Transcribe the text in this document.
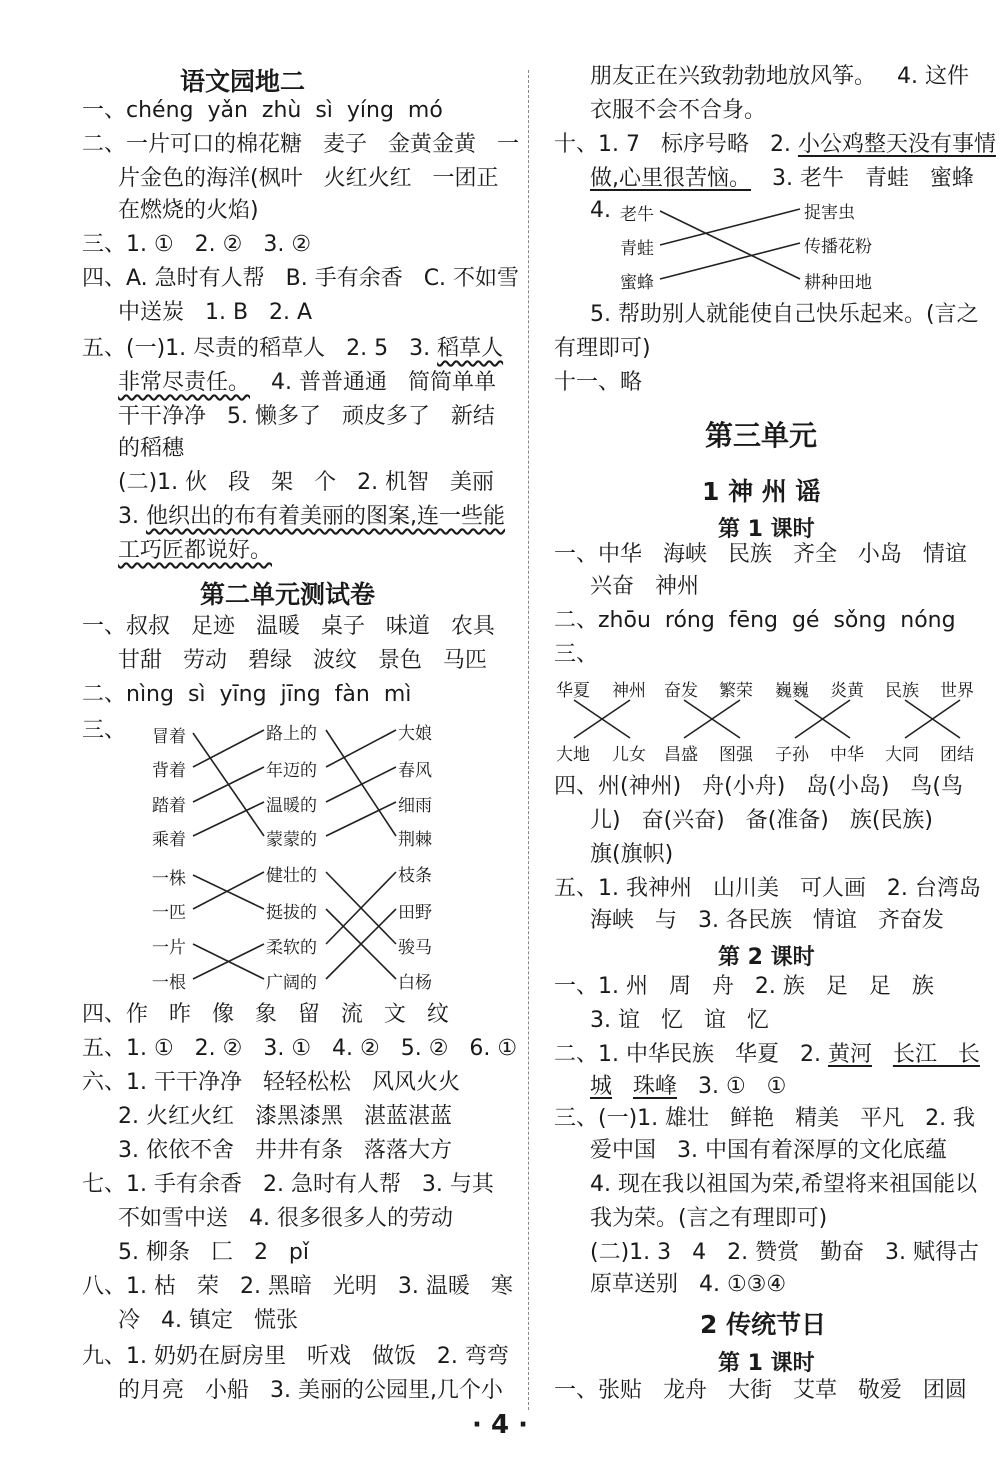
语文园地二
一、chéng  yǎn  zhù  sì  yíng  mó
二、一片可口的棉花糖   麦子   金黄金黄   一
片金色的海洋(枫叶   火红火红   一团正
在燃烧的火焰)
三、1. ①   2. ②   3. ②
四、A. 急时有人帮   B. 手有余香   C. 不如雪
中送炭   1. B   2. A
五、(一)1. 尽责的稻草人   2. 5   3. 稻草人
非常尽责任。   4. 普普通通   简简单单
干干净净   5. 懒多了   顽皮多了   新结
的稻穗
(二)1. 伙   段   架   个   2. 机智   美丽
3. 他织出的布有着美丽的图案,连一些能
工巧匠都说好。
第二单元测试卷
一、叔叔   足迹   温暖   桌子   味道   农具
甘甜   劳动   碧绿   波纹   景色   马匹
二、nìng  sì  yīng  jīng  fàn  mì
三、 冒着
背着
踏着
乘着
路上的
年迈的
温暖的
蒙蒙的
大娘
春风
细雨
荆棘
一株
一匹
一片
一根
健壮的
挺拔的
柔软的
广阔的
枝条
田野
骏马
白杨
四、作   昨   像   象   留   流   文   纹
五、1. ①   2. ②   3. ①   4. ②   5. ②   6. ①
六、1. 干干净净   轻轻松松   风风火火
2. 火红火红   漆黑漆黑   湛蓝湛蓝
3. 依依不舍   井井有条   落落大方
七、1. 手有余香   2. 急时有人帮   3. 与其
不如雪中送   4. 很多很多人的劳动
5. 柳条   匚   2   pǐ
八、1. 枯   荣   2. 黑暗   光明   3. 温暖   寒
冷   4. 镇定   慌张
九、1. 奶奶在厨房里   听戏   做饭   2. 弯弯
的月亮   小船   3. 美丽的公园里,几个小
朋友正在兴致勃勃地放风筝。   4. 这件
衣服不会不合身。
十、1. 7   标序号略   2. 小公鸡整天没有事情
做,心里很苦恼。   3. 老牛   青蛙   蜜蜂
4. 老牛
青蛙
蜜蜂
捉害虫
传播花粉
耕种田地
5. 帮助别人就能使自己快乐起来。(言之
有理即可)
十一、略
第三单元
1 神 州 谣
第 1 课时
一、中华   海峡   民族   齐全   小岛   情谊
兴奋   神州
二、zhōu  róng  fēng  gé  sǒng  nóng
三、
华夏 神州 奋发 繁荣 巍巍 炎黄 民族 世界
大地 儿女 昌盛 图强 子孙 中华 大同 团结
四、州(神州)   舟(小舟)   岛(小岛)   鸟(鸟
儿)   奋(兴奋)   备(准备)   族(民族)
旗(旗帜)
五、1. 我神州   山川美   可人画   2. 台湾岛
海峡   与   3. 各民族   情谊   齐奋发
第 2 课时
一、1. 州   周   舟   2. 族   足   足   族
3. 谊   忆   谊   忆
二、1. 中华民族   华夏   2. 黄河 长江   长
城 珠峰   3. ①   ①
三、(一)1. 雄壮   鲜艳   精美   平凡   2. 我
爱中国   3. 中国有着深厚的文化底蕴
4. 现在我以祖国为荣,希望将来祖国能以
我为荣。(言之有理即可)
(二)1. 3   4   2. 赞赏   勤奋   3. 赋得古
原草送别   4. ①③④
2 传统节日
第 1 课时
一、张贴   龙舟   大街   艾草   敬爱   团圆
· 4 ·
